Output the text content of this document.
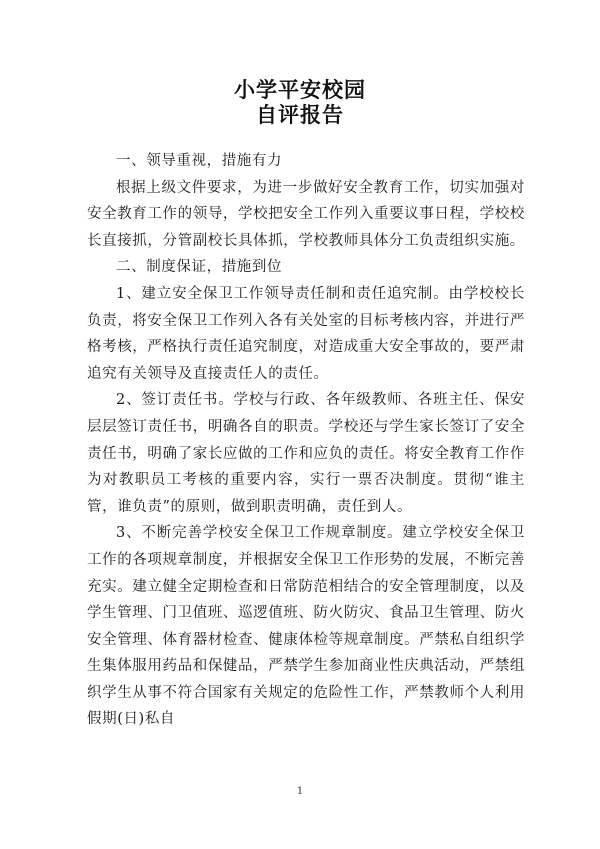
小学平安校园
自评报告

一、领导重视，措施有力

根据上级文件要求，为进一步做好安全教育工作，切实加强对安全教育工作的领导，学校把安全工作列入重要议事日程，学校校长直接抓，分管副校长具体抓，学校教师具体分工负责组织实施。

二、制度保证，措施到位

1、建立安全保卫工作领导责任制和责任追究制。由学校校长负责，将安全保卫工作列入各有关处室的目标考核内容，并进行严格考核，严格执行责任追究制度，对造成重大安全事故的，要严肃追究有关领导及直接责任人的责任。

2、签订责任书。学校与行政、各年级教师、各班主任、保安层层签订责任书，明确各自的职责。学校还与学生家长签订了安全责任书，明确了家长应做的工作和应负的责任。将安全教育工作作为对教职员工考核的重要内容，实行一票否决制度。贯彻“谁主管，谁负责”的原则，做到职责明确，责任到人。

3、不断完善学校安全保卫工作规章制度。建立学校安全保卫工作的各项规章制度，并根据安全保卫工作形势的发展，不断完善充实。建立健全定期检查和日常防范相结合的安全管理制度，以及学生管理、门卫值班、巡逻值班、防火防灾、食品卫生管理、防火安全管理、体育器材检查、健康体检等规章制度。严禁私自组织学生集体服用药品和保健品，严禁学生参加商业性庆典活动，严禁组织学生从事不符合国家有关规定的危险性工作，严禁教师个人利用假期(日)私自

1
